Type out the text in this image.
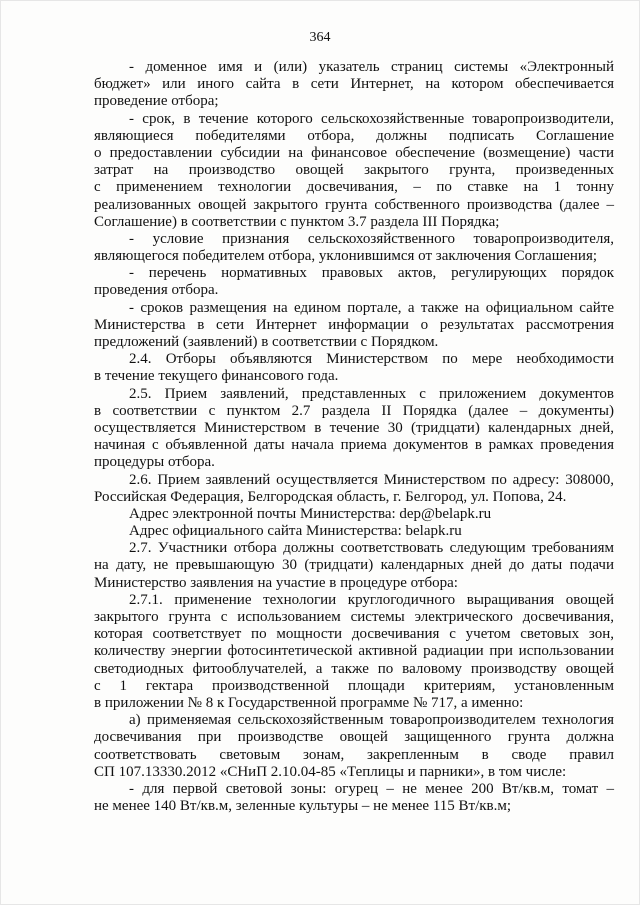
364
- доменное имя и (или) указатель страниц системы «Электронный
бюджет» или иного сайта в сети Интернет, на котором обеспечивается
проведение отбора;
- срок, в течение которого сельскохозяйственные товаропроизводители,
являющиеся победителями отбора, должны подписать Соглашение
о предоставлении субсидии на финансовое обеспечение (возмещение) части
затрат на производство овощей закрытого грунта, произведенных
с применением технологии досвечивания, – по ставке на 1 тонну
реализованных овощей закрытого грунта собственного производства (далее –
Соглашение) в соответствии с пунктом 3.7 раздела III Порядка;
- условие признания сельскохозяйственного товаропроизводителя,
являющегося победителем отбора, уклонившимся от заключения Соглашения;
- перечень нормативных правовых актов, регулирующих порядок
проведения отбора.
- сроков размещения на едином портале, а также на официальном сайте
Министерства в сети Интернет информации о результатах рассмотрения
предложений (заявлений) в соответствии с Порядком.
2.4. Отборы объявляются Министерством по мере необходимости
в течение текущего финансового года.
2.5. Прием заявлений, представленных с приложением документов
в соответствии с пунктом 2.7 раздела II Порядка (далее – документы)
осуществляется Министерством в течение 30 (тридцати) календарных дней,
начиная с объявленной даты начала приема документов в рамках проведения
процедуры отбора.
2.6. Прием заявлений осуществляется Министерством по адресу: 308000,
Российская Федерация, Белгородская область, г. Белгород, ул. Попова, 24.
Адрес электронной почты Министерства: dep@belapk.ru
Адрес официального сайта Министерства: belapk.ru
2.7. Участники отбора должны соответствовать следующим требованиям
на дату, не превышающую 30 (тридцати) календарных дней до даты подачи
Министерство заявления на участие в процедуре отбора:
2.7.1. применение технологии круглогодичного выращивания овощей
закрытого грунта с использованием системы электрического досвечивания,
которая соответствует по мощности досвечивания с учетом световых зон,
количеству энергии фотосинтетической активной радиации при использовании
светодиодных фитооблучателей, а также по валовому производству овощей
с 1 гектара производственной площади критериям, установленным
в приложении № 8 к Государственной программе № 717, а именно:
а) применяемая сельскохозяйственным товаропроизводителем технология
досвечивания при производстве овощей защищенного грунта должна
соответствовать световым зонам, закрепленным в своде правил
СП 107.13330.2012 «СНиП 2.10.04-85 «Теплицы и парники», в том числе:
- для первой световой зоны: огурец – не менее 200 Вт/кв.м, томат –
не менее 140 Вт/кв.м, зеленные культуры – не менее 115 Вт/кв.м;
